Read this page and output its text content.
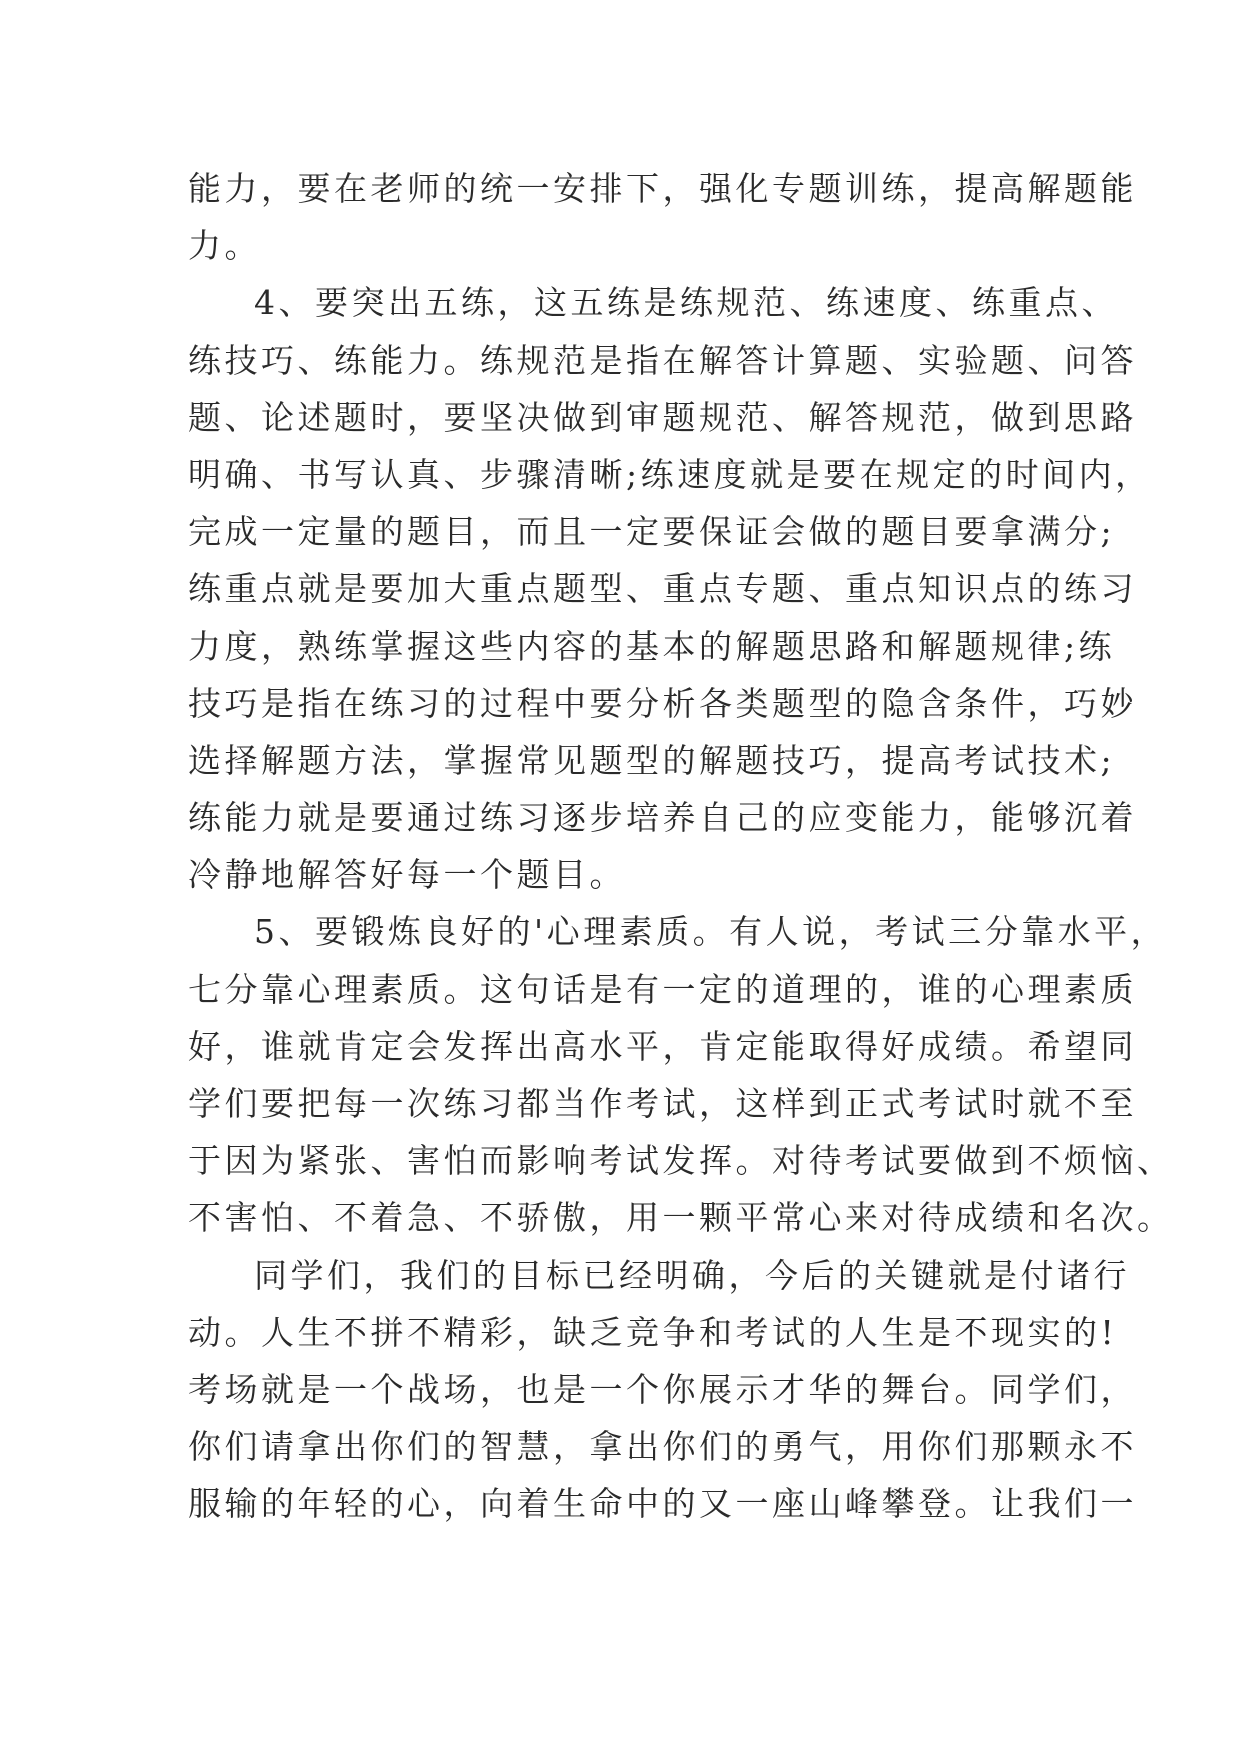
能力，要在老师的统一安排下，强化专题训练，提高解题能
力。
4、要突出五练，这五练是练规范、练速度、练重点、
练技巧、练能力。练规范是指在解答计算题、实验题、问答
题、论述题时，要坚决做到审题规范、解答规范，做到思路
明确、书写认真、步骤清晰;练速度就是要在规定的时间内，
完成一定量的题目，而且一定要保证会做的题目要拿满分;
练重点就是要加大重点题型、重点专题、重点知识点的练习
力度，熟练掌握这些内容的基本的解题思路和解题规律;练
技巧是指在练习的过程中要分析各类题型的隐含条件，巧妙
选择解题方法，掌握常见题型的解题技巧，提高考试技术;
练能力就是要通过练习逐步培养自己的应变能力，能够沉着
冷静地解答好每一个题目。
5、要锻炼良好的'心理素质。有人说，考试三分靠水平，
七分靠心理素质。这句话是有一定的道理的，谁的心理素质
好，谁就肯定会发挥出高水平，肯定能取得好成绩。希望同
学们要把每一次练习都当作考试，这样到正式考试时就不至
于因为紧张、害怕而影响考试发挥。对待考试要做到不烦恼、
不害怕、不着急、不骄傲，用一颗平常心来对待成绩和名次。
同学们，我们的目标已经明确，今后的关键就是付诸行
动。人生不拼不精彩，缺乏竞争和考试的人生是不现实的!
考场就是一个战场，也是一个你展示才华的舞台。同学们，
你们请拿出你们的智慧，拿出你们的勇气，用你们那颗永不
服输的年轻的心，向着生命中的又一座山峰攀登。让我们一
